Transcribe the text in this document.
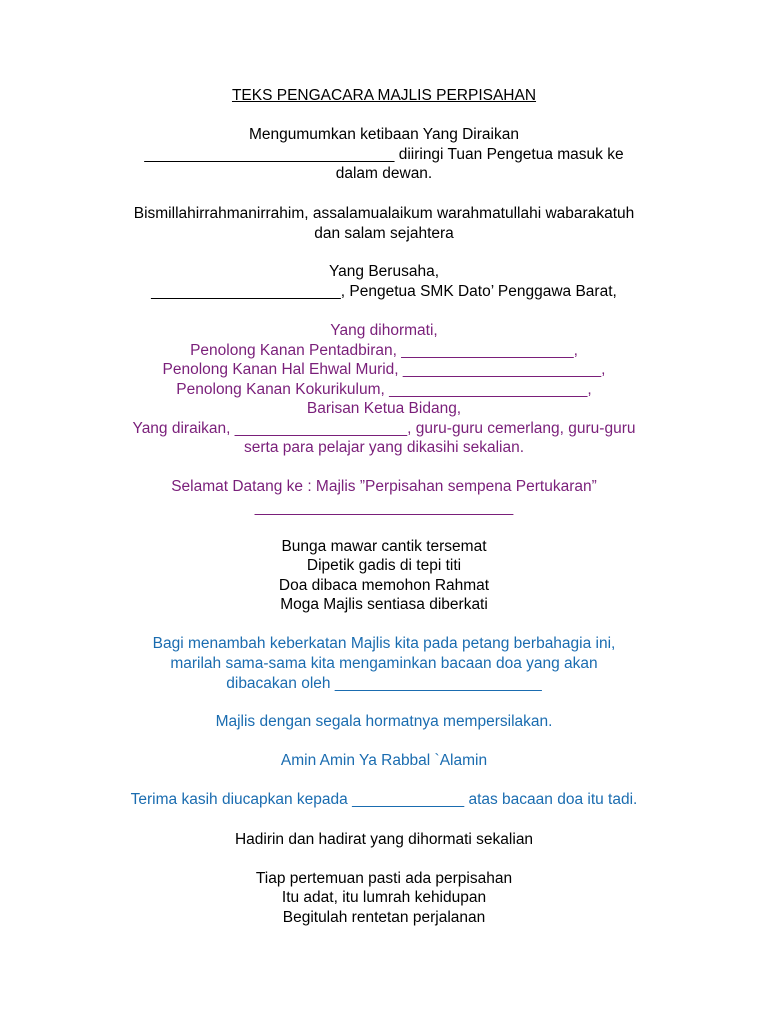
TEKS PENGACARA MAJLIS PERPISAHAN
Mengumumkan ketibaan Yang Diraikan
_____________________________ diiringi Tuan Pengetua masuk ke
dalam dewan.
Bismillahirrahmanirrahim, assalamualaikum warahmatullahi wabarakatuh
dan salam sejahtera
Yang Berusaha,
______________________, Pengetua SMK Dato’ Penggawa Barat,
Yang dihormati,
Penolong Kanan Pentadbiran, ____________________,
Penolong Kanan Hal Ehwal Murid, _______________________,
Penolong Kanan Kokurikulum, _______________________,
Barisan Ketua Bidang,
Yang diraikan, ____________________, guru-guru cemerlang, guru-guru
serta para pelajar yang dikasihi sekalian.
Selamat Datang ke : Majlis ”Perpisahan sempena Pertukaran”
______________________________
Bunga mawar cantik tersemat
Dipetik gadis di tepi titi
Doa dibaca memohon Rahmat
Moga Majlis sentiasa diberkati
Bagi menambah keberkatan Majlis kita pada petang berbahagia ini,
marilah sama-sama kita mengaminkan bacaan doa yang akan
dibacakan oleh ________________________
Majlis dengan segala hormatnya mempersilakan.
Amin Amin Ya Rabbal `Alamin
Terima kasih diucapkan kepada _____________ atas bacaan doa itu tadi.
Hadirin dan hadirat yang dihormati sekalian
Tiap pertemuan pasti ada perpisahan
Itu adat, itu lumrah kehidupan
Begitulah rentetan perjalanan
